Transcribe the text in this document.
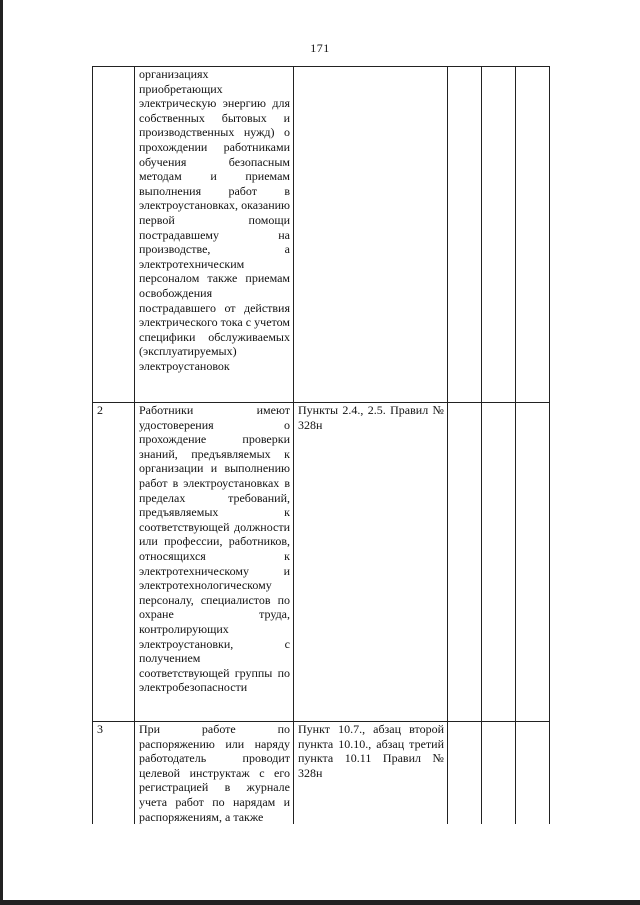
171

	организациях
приобретающих
электрическую энергию для собственных бытовых и производственных нужд) о прохождении работниками обучения безопасным методам и приемам выполнения работ в электроустановках, оказанию первой помощи пострадавшему на производстве, а электротехническим персоналом также приемам освобождения пострадавшего от действия электрического тока с учетом специфики обслуживаемых (эксплуатируемых) электроустановок				

2	Работники имеют удостоверения о прохождение проверки знаний, предъявляемых к организации и выполнению работ в электроустановках в пределах требований, предъявляемых к соответствующей должности или профессии, работников, относящихся к электротехническому и электротехнологическому персоналу, специалистов по охране труда, контролирующих электроустановки, с получением соответствующей группы по электробезопасности	Пункты 2.4., 2.5. Правил № 328н			

3	При работе по распоряжению или наряду работодатель проводит целевой инструктаж с его регистрацией в журнале учета работ по нарядам и распоряжениям, а также	Пункт 10.7., абзац второй пункта 10.10., абзац третий пункта 10.11 Правил № 328н			
